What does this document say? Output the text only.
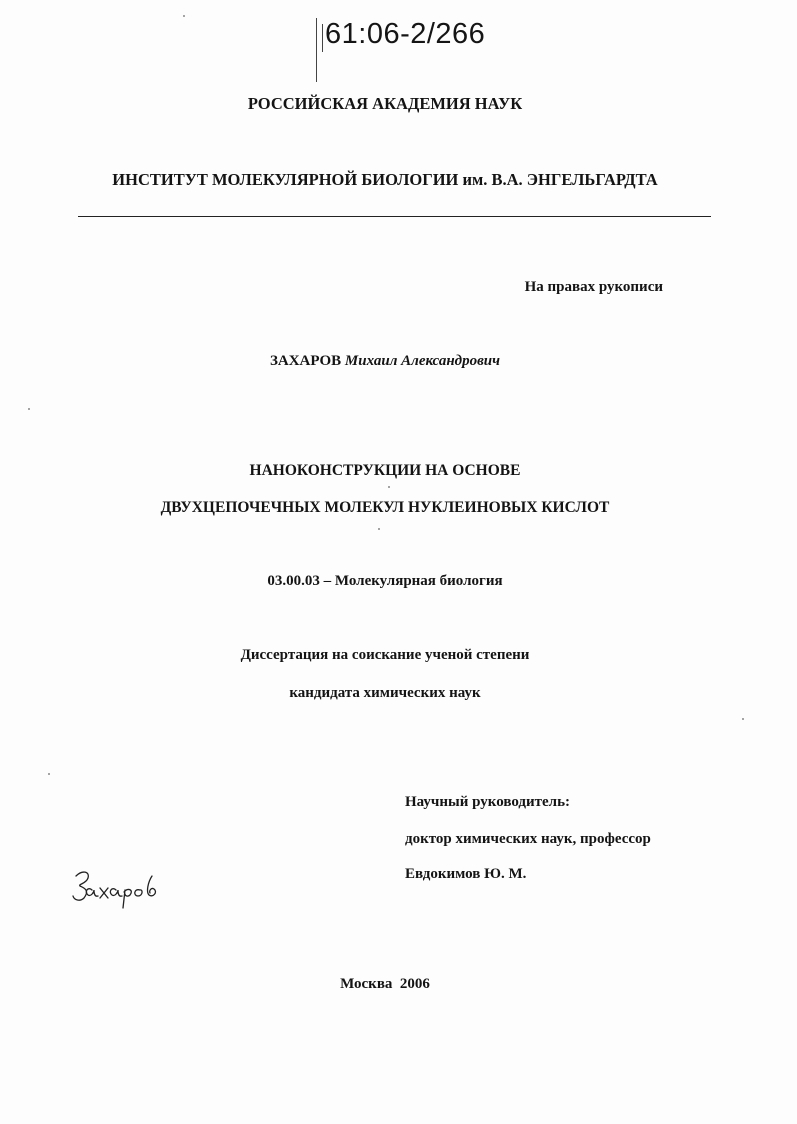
61:06-2/266
РОССИЙСКАЯ АКАДЕМИЯ НАУК
ИНСТИТУТ МОЛЕКУЛЯРНОЙ БИОЛОГИИ им. В.А. ЭНГЕЛЬГАРДТА
На правах рукописи
ЗАХАРОВ Михаил Александрович
НАНОКОНСТРУКЦИИ НА ОСНОВЕ
ДВУХЦЕПОЧЕЧНЫХ МОЛЕКУЛ НУКЛЕИНОВЫХ КИСЛОТ
03.00.03 – Молекулярная биология
Диссертация на соискание ученой степени
кандидата химических наук
Научный руководитель:
доктор химических наук, профессор
Евдокимов Ю. М.
Москва  2006
